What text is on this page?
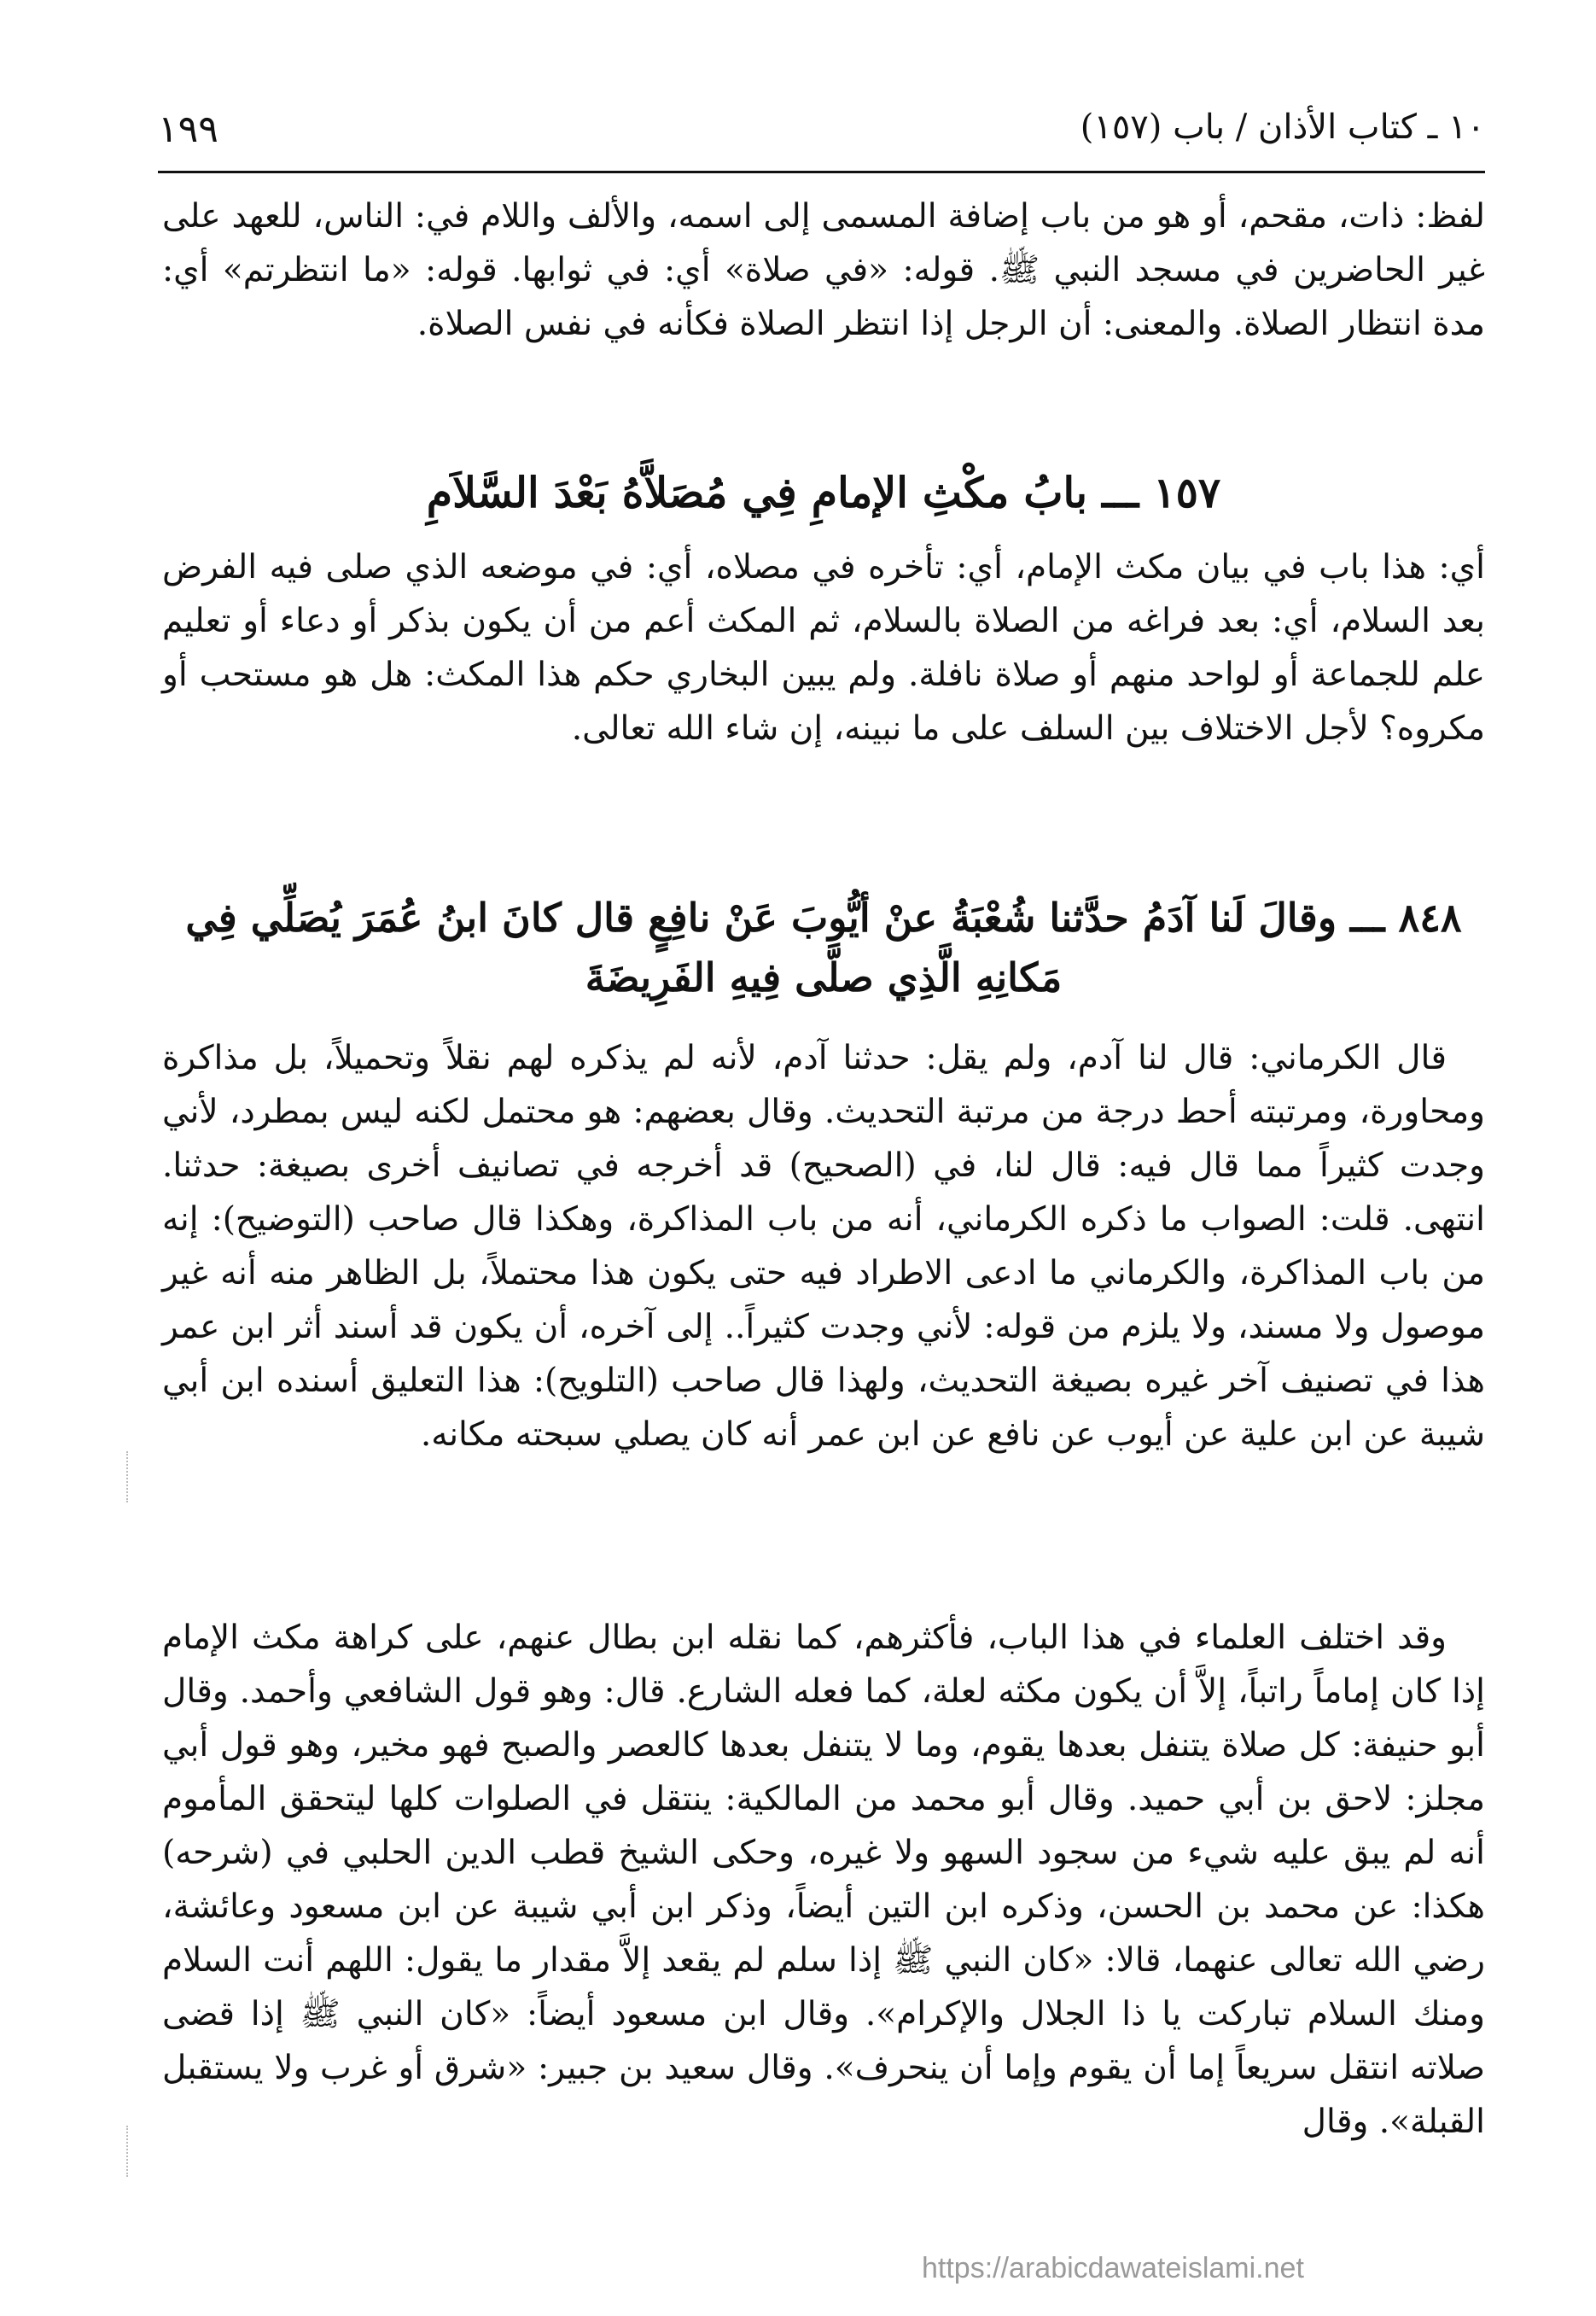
١٩٩	١٠ ـ كتاب الأذان / باب (١٥٧)

لفظ: ذات، مقحم، أو هو من باب إضافة المسمى إلى اسمه، والألف واللام في: الناس، للعهد على غير الحاضرين في مسجد النبي ﷺ. قوله: «في صلاة» أي: في ثوابها. قوله: «ما انتظرتم» أي: مدة انتظار الصلاة. والمعنى: أن الرجل إذا انتظر الصلاة فكأنه في نفس الصلاة.

١٥٧ ـــ بابُ مكْثِ الإمامِ فِي مُصَلاَّهُ بَعْدَ السَّلاَمِ

أي: هذا باب في بيان مكث الإمام، أي: تأخره في مصلاه، أي: في موضعه الذي صلى فيه الفرض بعد السلام، أي: بعد فراغه من الصلاة بالسلام، ثم المكث أعم من أن يكون بذكر أو دعاء أو تعليم علم للجماعة أو لواحد منهم أو صلاة نافلة. ولم يبين البخاري حكم هذا المكث: هل هو مستحب أو مكروه؟ لأجل الاختلاف بين السلف على ما نبينه، إن شاء الله تعالى.

٨٤٨ ـــ وقالَ لَنا آدَمُ حدَّثنا شُعْبَةُ عنْ أيُّوبَ عَنْ نافِعٍ قال كانَ ابنُ عُمَرَ يُصَلِّي فِي مَكانِهِ الَّذِي صلَّى فِيهِ الفَرِيضَةَ

قال الكرماني: قال لنا آدم، ولم يقل: حدثنا آدم، لأنه لم يذكره لهم نقلاً وتحميلاً، بل مذاكرة ومحاورة، ومرتبته أحط درجة من مرتبة التحديث. وقال بعضهم: هو محتمل لكنه ليس بمطرد، لأني وجدت كثيراً مما قال فيه: قال لنا، في (الصحيح) قد أخرجه في تصانيف أخرى بصيغة: حدثنا. انتهى. قلت: الصواب ما ذكره الكرماني، أنه من باب المذاكرة، وهكذا قال صاحب (التوضيح): إنه من باب المذاكرة، والكرماني ما ادعى الاطراد فيه حتى يكون هذا محتملاً، بل الظاهر منه أنه غير موصول ولا مسند، ولا يلزم من قوله: لأني وجدت كثيراً.. إلى آخره، أن يكون قد أسند أثر ابن عمر هذا في تصنيف آخر غيره بصيغة التحديث، ولهذا قال صاحب (التلويح): هذا التعليق أسنده ابن أبي شيبة عن ابن علية عن أيوب عن نافع عن ابن عمر أنه كان يصلي سبحته مكانه.

وقد اختلف العلماء في هذا الباب، فأكثرهم، كما نقله ابن بطال عنهم، على كراهة مكث الإمام إذا كان إماماً راتباً، إلاَّ أن يكون مكثه لعلة، كما فعله الشارع. قال: وهو قول الشافعي وأحمد. وقال أبو حنيفة: كل صلاة يتنفل بعدها يقوم، وما لا يتنفل بعدها كالعصر والصبح فهو مخير، وهو قول أبي مجلز: لاحق بن أبي حميد. وقال أبو محمد من المالكية: ينتقل في الصلوات كلها ليتحقق المأموم أنه لم يبق عليه شيء من سجود السهو ولا غيره، وحكى الشيخ قطب الدين الحلبي في (شرحه) هكذا: عن محمد بن الحسن، وذكره ابن التين أيضاً، وذكر ابن أبي شيبة عن ابن مسعود وعائشة، رضي الله تعالى عنهما، قالا: «كان النبي ﷺ إذا سلم لم يقعد إلاَّ مقدار ما يقول: اللهم أنت السلام ومنك السلام تباركت يا ذا الجلال والإكرام». وقال ابن مسعود أيضاً: «كان النبي ﷺ إذا قضى صلاته انتقل سريعاً إما أن يقوم وإما أن ينحرف». وقال سعيد بن جبير: «شرق أو غرب ولا يستقبل القبلة». وقال

https://arabicdawateislami.net
